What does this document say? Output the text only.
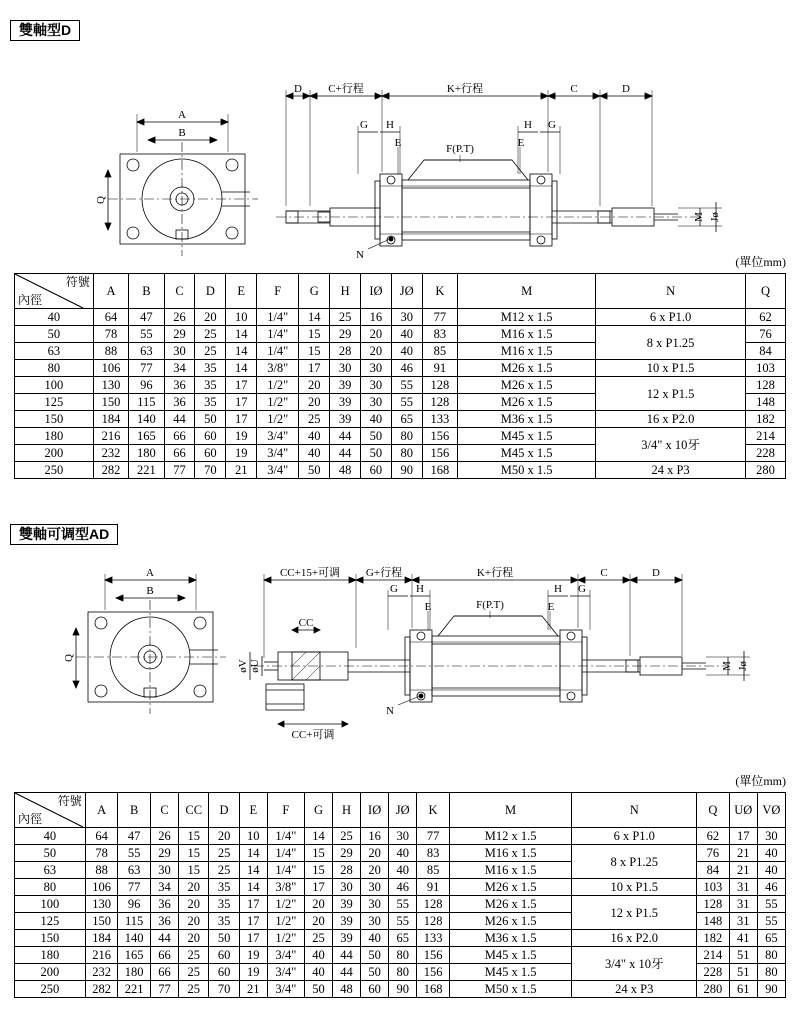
雙軸型D
A
B
Q
D C+行程	K+行程	C	D
G H
E	F(P.T)	E
H G
N
M Jø
(單位mm)
符號
內徑	A	B	C	D	E	F	G	H	IØ	JØ	K	M	N	Q
40	64	47	26	20	10	1/4"	14	25	16	30	77	M12 x 1.5	6 x P1.0	62
50	78	55	29	25	14	1/4"	15	29	20	40	83	M16 x 1.5	8 x P1.25	76
63	88	63	30	25	14	1/4"	15	28	20	40	85	M16 x 1.5		84
80	106	77	34	35	14	3/8"	17	30	30	46	91	M26 x 1.5	10 x P1.5	103
100	130	96	36	35	17	1/2"	20	39	30	55	128	M26 x 1.5	12 x P1.5	128
125	150	115	36	35	17	1/2"	20	39	30	55	128	M26 x 1.5		148
150	184	140	44	50	17	1/2"	25	39	40	65	133	M36 x 1.5	16 x P2.0	182
180	216	165	66	60	19	3/4"	40	44	50	80	156	M45 x 1.5	3/4" x 10牙	214
200	232	180	66	60	19	3/4"	40	44	50	80	156	M45 x 1.5		228
250	282	221	77	70	21	3/4"	50	48	60	90	168	M50 x 1.5	24 x P3	280
雙軸可调型AD
A
B
Q
CC+15+可调 G+行程	K+行程	C	D
CC
CC+可调
øV øU
G H
E	F(P.T)	E
H G
N
M Jø
(單位mm)
符號
內徑	A	B	C	CC	D	E	F	G	H	IØ	JØ	K	M	N	Q	UØ	VØ
40	64	47	26	15	20	10	1/4"	14	25	16	30	77	M12 x 1.5	6 x P1.0	62	17	30
50	78	55	29	15	25	14	1/4"	15	29	20	40	83	M16 x 1.5	8 x P1.25	76	21	40
63	88	63	30	15	25	14	1/4"	15	28	20	40	85	M16 x 1.5		84	21	40
80	106	77	34	20	35	14	3/8"	17	30	30	46	91	M26 x 1.5	10 x P1.5	103	31	46
100	130	96	36	20	35	17	1/2"	20	39	30	55	128	M26 x 1.5	12 x P1.5	128	31	55
125	150	115	36	20	35	17	1/2"	20	39	30	55	128	M26 x 1.5		148	31	55
150	184	140	44	20	50	17	1/2"	25	39	40	65	133	M36 x 1.5	16 x P2.0	182	41	65
180	216	165	66	25	60	19	3/4"	40	44	50	80	156	M45 x 1.5	3/4" x 10牙	214	51	80
200	232	180	66	25	60	19	3/4"	40	44	50	80	156	M45 x 1.5		228	51	80
250	282	221	77	25	70	21	3/4"	50	48	60	90	168	M50 x 1.5	24 x P3	280	61	90
